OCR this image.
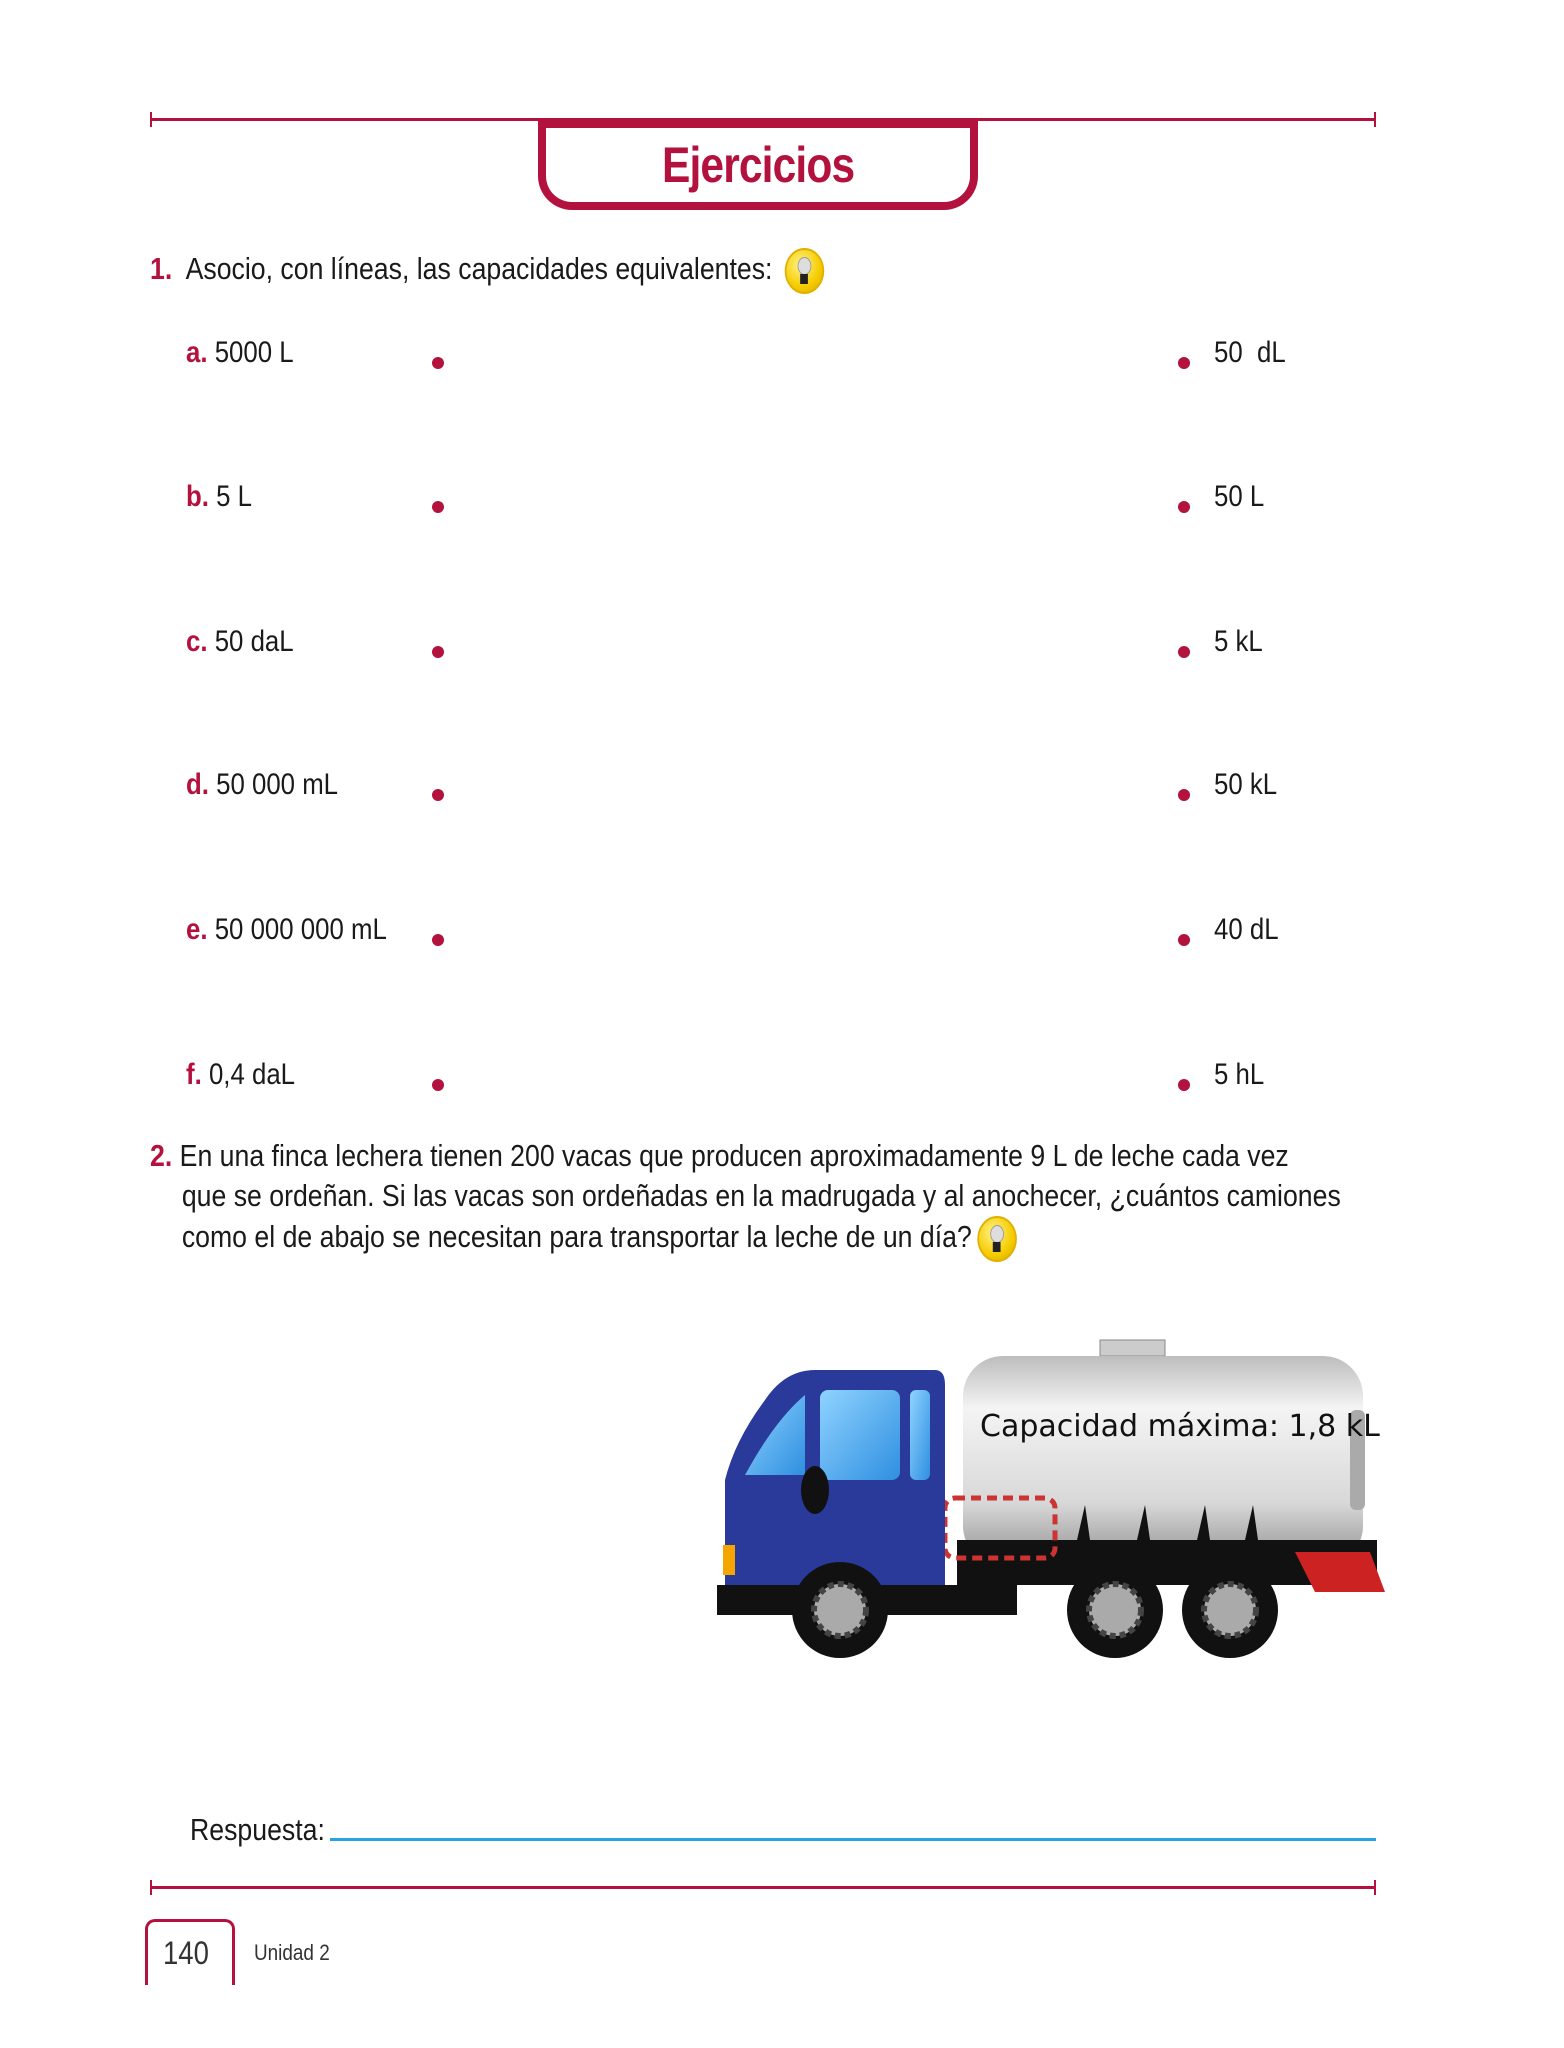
Ejercicios
1. Asocio, con líneas, las capacidades equivalentes:
a. 5000 L	50  dL
b. 5 L	50 L
c. 50 daL	5 kL
d. 50 000 mL	50 kL
e. 50 000 000 mL	40 dL
f. 0,4 daL	5 hL
2. En una finca lechera tienen 200 vacas que producen aproximadamente 9 L de leche cada vez
que se ordeñan. Si las vacas son ordeñadas en la madrugada y al anochecer, ¿cuántos camiones
como el de abajo se necesitan para transportar la leche de un día?
Capacidad máxima: 1,8 kL
Respuesta:
140 Unidad 2
